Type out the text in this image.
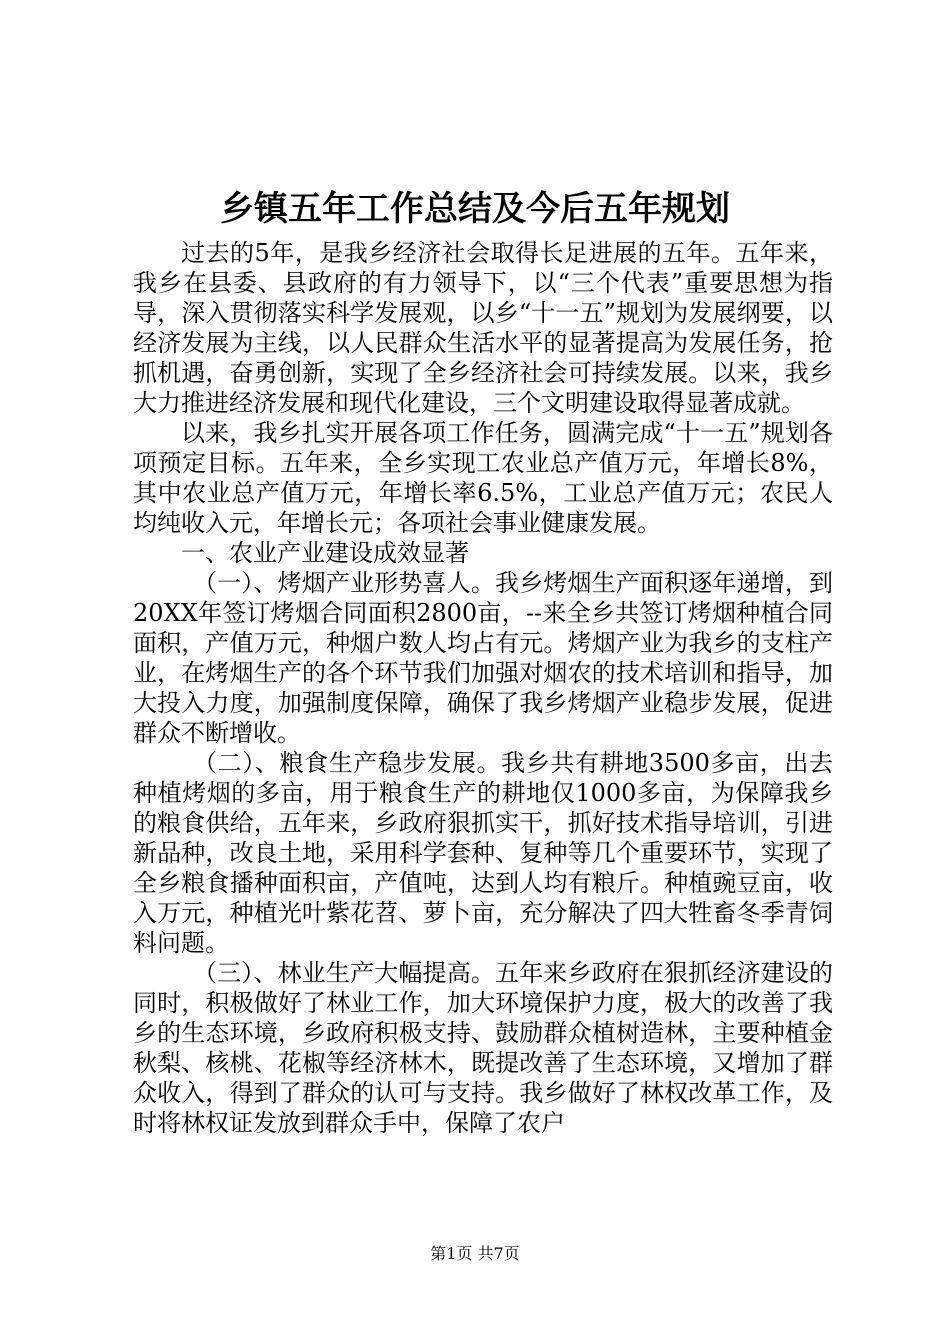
乡镇五年工作总结及今后五年规划

过去的5年，是我乡经济社会取得长足进展的五年。五年来，我乡在县委、县政府的有力领导下，以“三个代表”重要思想为指导，深入贯彻落实科学发展观，以乡“十一五”规划为发展纲要，以经济发展为主线，以人民群众生活水平的显著提高为发展任务，抢抓机遇，奋勇创新，实现了全乡经济社会可持续发展。以来，我乡大力推进经济发展和现代化建设，三个文明建设取得显著成就。

以来，我乡扎实开展各项工作任务，圆满完成“十一五”规划各项预定目标。五年来，全乡实现工农业总产值万元，年增长8%，其中农业总产值万元，年增长率6.5%，工业总产值万元；农民人均纯收入元，年增长元；各项社会事业健康发展。

一、农业产业建设成效显著

（一）、烤烟产业形势喜人。我乡烤烟生产面积逐年递增，到20XX年签订烤烟合同面积2800亩，--来全乡共签订烤烟种植合同面积，产值万元，种烟户数人均占有元。烤烟产业为我乡的支柱产业，在烤烟生产的各个环节我们加强对烟农的技术培训和指导，加大投入力度，加强制度保障，确保了我乡烤烟产业稳步发展，促进群众不断增收。

（二）、粮食生产稳步发展。我乡共有耕地3500多亩，出去种植烤烟的多亩，用于粮食生产的耕地仅1000多亩，为保障我乡的粮食供给，五年来，乡政府狠抓实干，抓好技术指导培训，引进新品种，改良土地，采用科学套种、复种等几个重要环节，实现了全乡粮食播种面积亩，产值吨，达到人均有粮斤。种植豌豆亩，收入万元，种植光叶紫花苕、萝卜亩，充分解决了四大牲畜冬季青饲料问题。

（三）、林业生产大幅提高。五年来乡政府在狠抓经济建设的同时，积极做好了林业工作，加大环境保护力度，极大的改善了我乡的生态环境，乡政府积极支持、鼓励群众植树造林，主要种植金秋梨、核桃、花椒等经济林木，既提改善了生态环境，又增加了群众收入，得到了群众的认可与支持。我乡做好了林权改革工作，及时将林权证发放到群众手中，保障了农户

第1页 共7页
